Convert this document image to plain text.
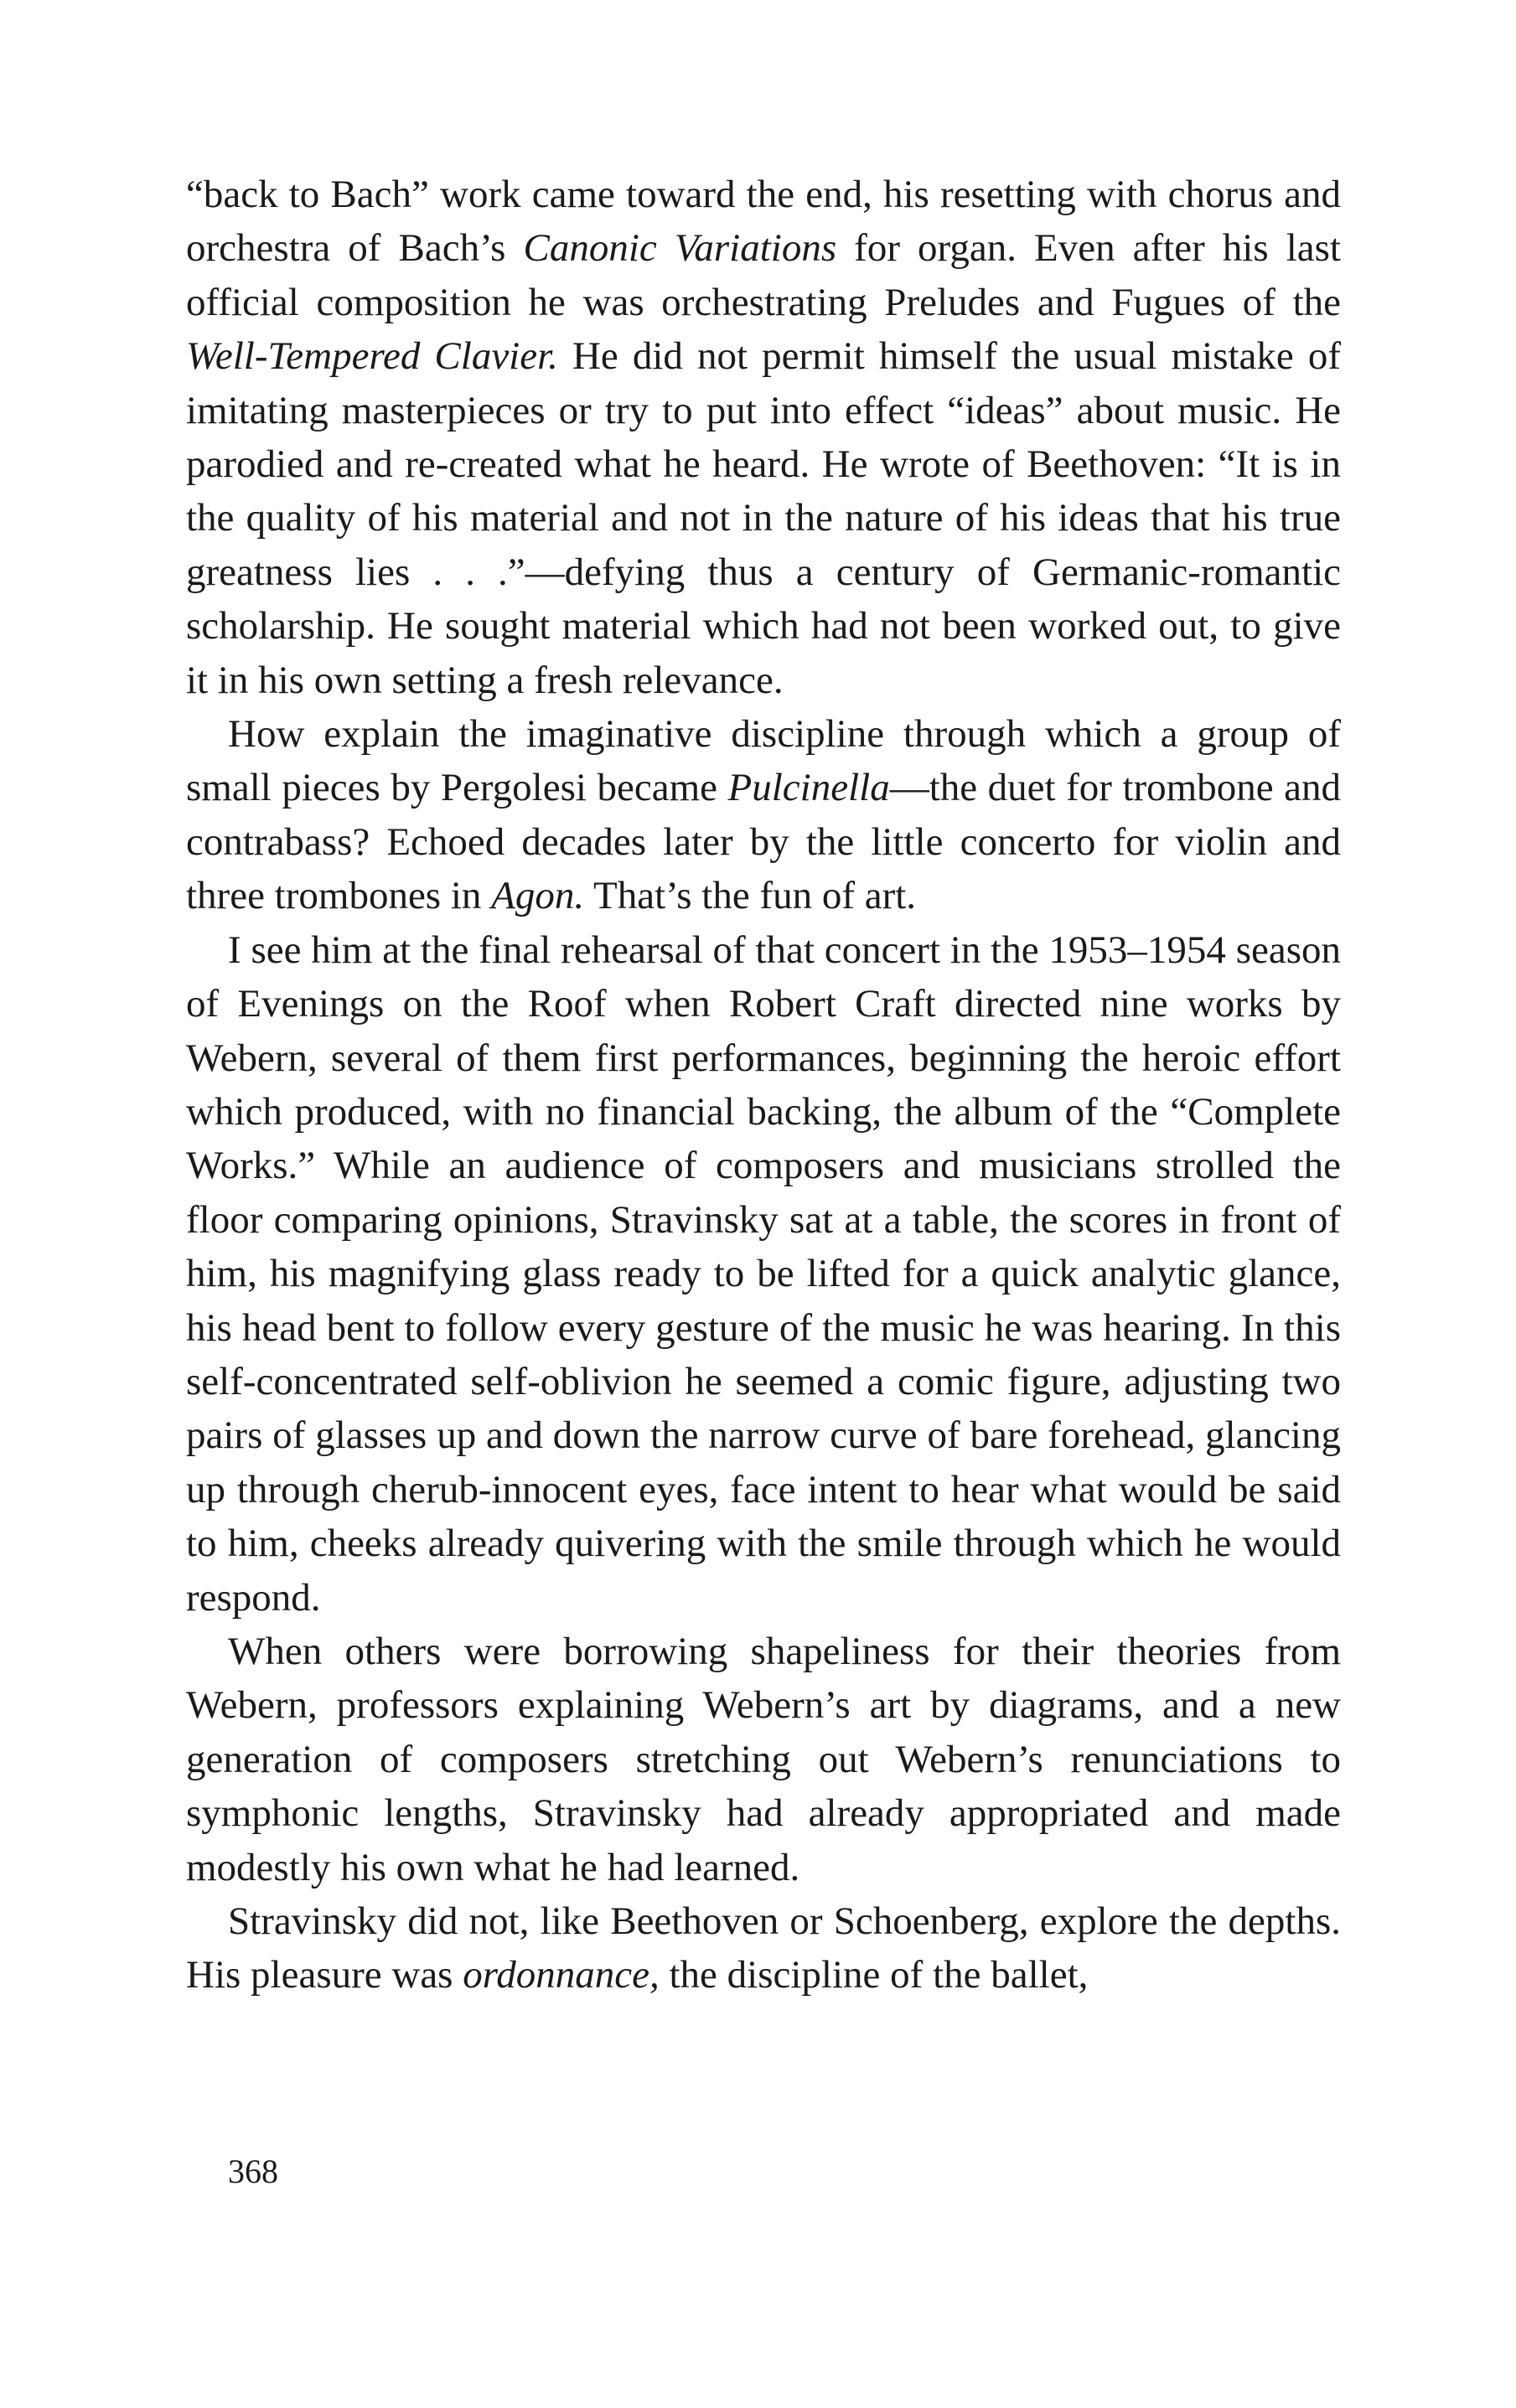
“back to Bach” work came toward the end, his resetting with chorus and orchestra of Bach’s Canonic Variations for organ. Even after his last official composition he was orchestrating Preludes and Fugues of the Well-Tempered Clavier. He did not permit himself the usual mistake of imitating masterpieces or try to put into effect “ideas” about music. He parodied and re-created what he heard. He wrote of Beethoven: “It is in the quality of his material and not in the nature of his ideas that his true greatness lies . . .”—defying thus a century of Germanic-romantic scholarship. He sought material which had not been worked out, to give it in his own setting a fresh relevance.

How explain the imaginative discipline through which a group of small pieces by Pergolesi became Pulcinella—the duet for trombone and contrabass? Echoed decades later by the little concerto for violin and three trombones in Agon. That’s the fun of art.

I see him at the final rehearsal of that concert in the 1953–1954 season of Evenings on the Roof when Robert Craft directed nine works by Webern, several of them first performances, beginning the heroic effort which produced, with no financial backing, the album of the “Complete Works.” While an audience of composers and musicians strolled the floor comparing opinions, Stravinsky sat at a table, the scores in front of him, his magnifying glass ready to be lifted for a quick analytic glance, his head bent to follow every gesture of the music he was hearing. In this self-concentrated self-oblivion he seemed a comic figure, adjusting two pairs of glasses up and down the narrow curve of bare forehead, glancing up through cherub-innocent eyes, face intent to hear what would be said to him, cheeks already quivering with the smile through which he would respond.

When others were borrowing shapeliness for their theories from Webern, professors explaining Webern’s art by diagrams, and a new generation of composers stretching out Webern’s renunciations to symphonic lengths, Stravinsky had already appropriated and made modestly his own what he had learned.

Stravinsky did not, like Beethoven or Schoenberg, explore the depths. His pleasure was ordonnance, the discipline of the ballet,

368
